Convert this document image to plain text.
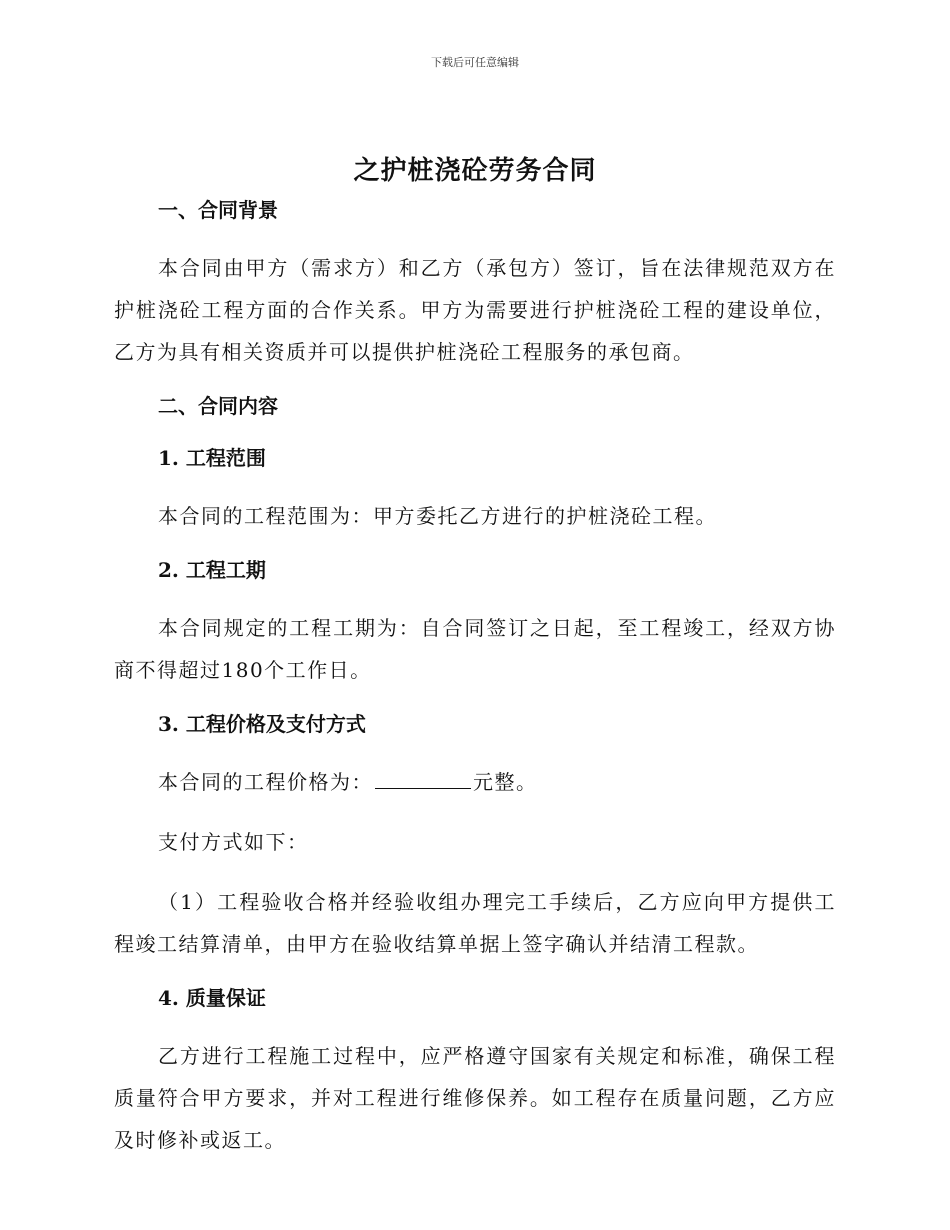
下载后可任意编辑
之护桩浇砼劳务合同
一、合同背景

本合同由甲方（需求方）和乙方（承包方）签订，旨在法律规范双方在护桩浇砼工程方面的合作关系。甲方为需要进行护桩浇砼工程的建设单位，乙方为具有相关资质并可以提供护桩浇砼工程服务的承包商。

二、合同内容
1. 工程范围

本合同的工程范围为：甲方委托乙方进行的护桩浇砼工程。

2. 工程工期

本合同规定的工程工期为：自合同签订之日起，至工程竣工，经双方协商不得超过180个工作日。

3. 工程价格及支付方式

本合同的工程价格为：	元整。

支付方式如下：

（1）工程验收合格并经验收组办理完工手续后，乙方应向甲方提供工程竣工结算清单，由甲方在验收结算单据上签字确认并结清工程款。

4. 质量保证

乙方进行工程施工过程中，应严格遵守国家有关规定和标准，确保工程质量符合甲方要求，并对工程进行维修保养。如工程存在质量问题，乙方应及时修补或返工。
